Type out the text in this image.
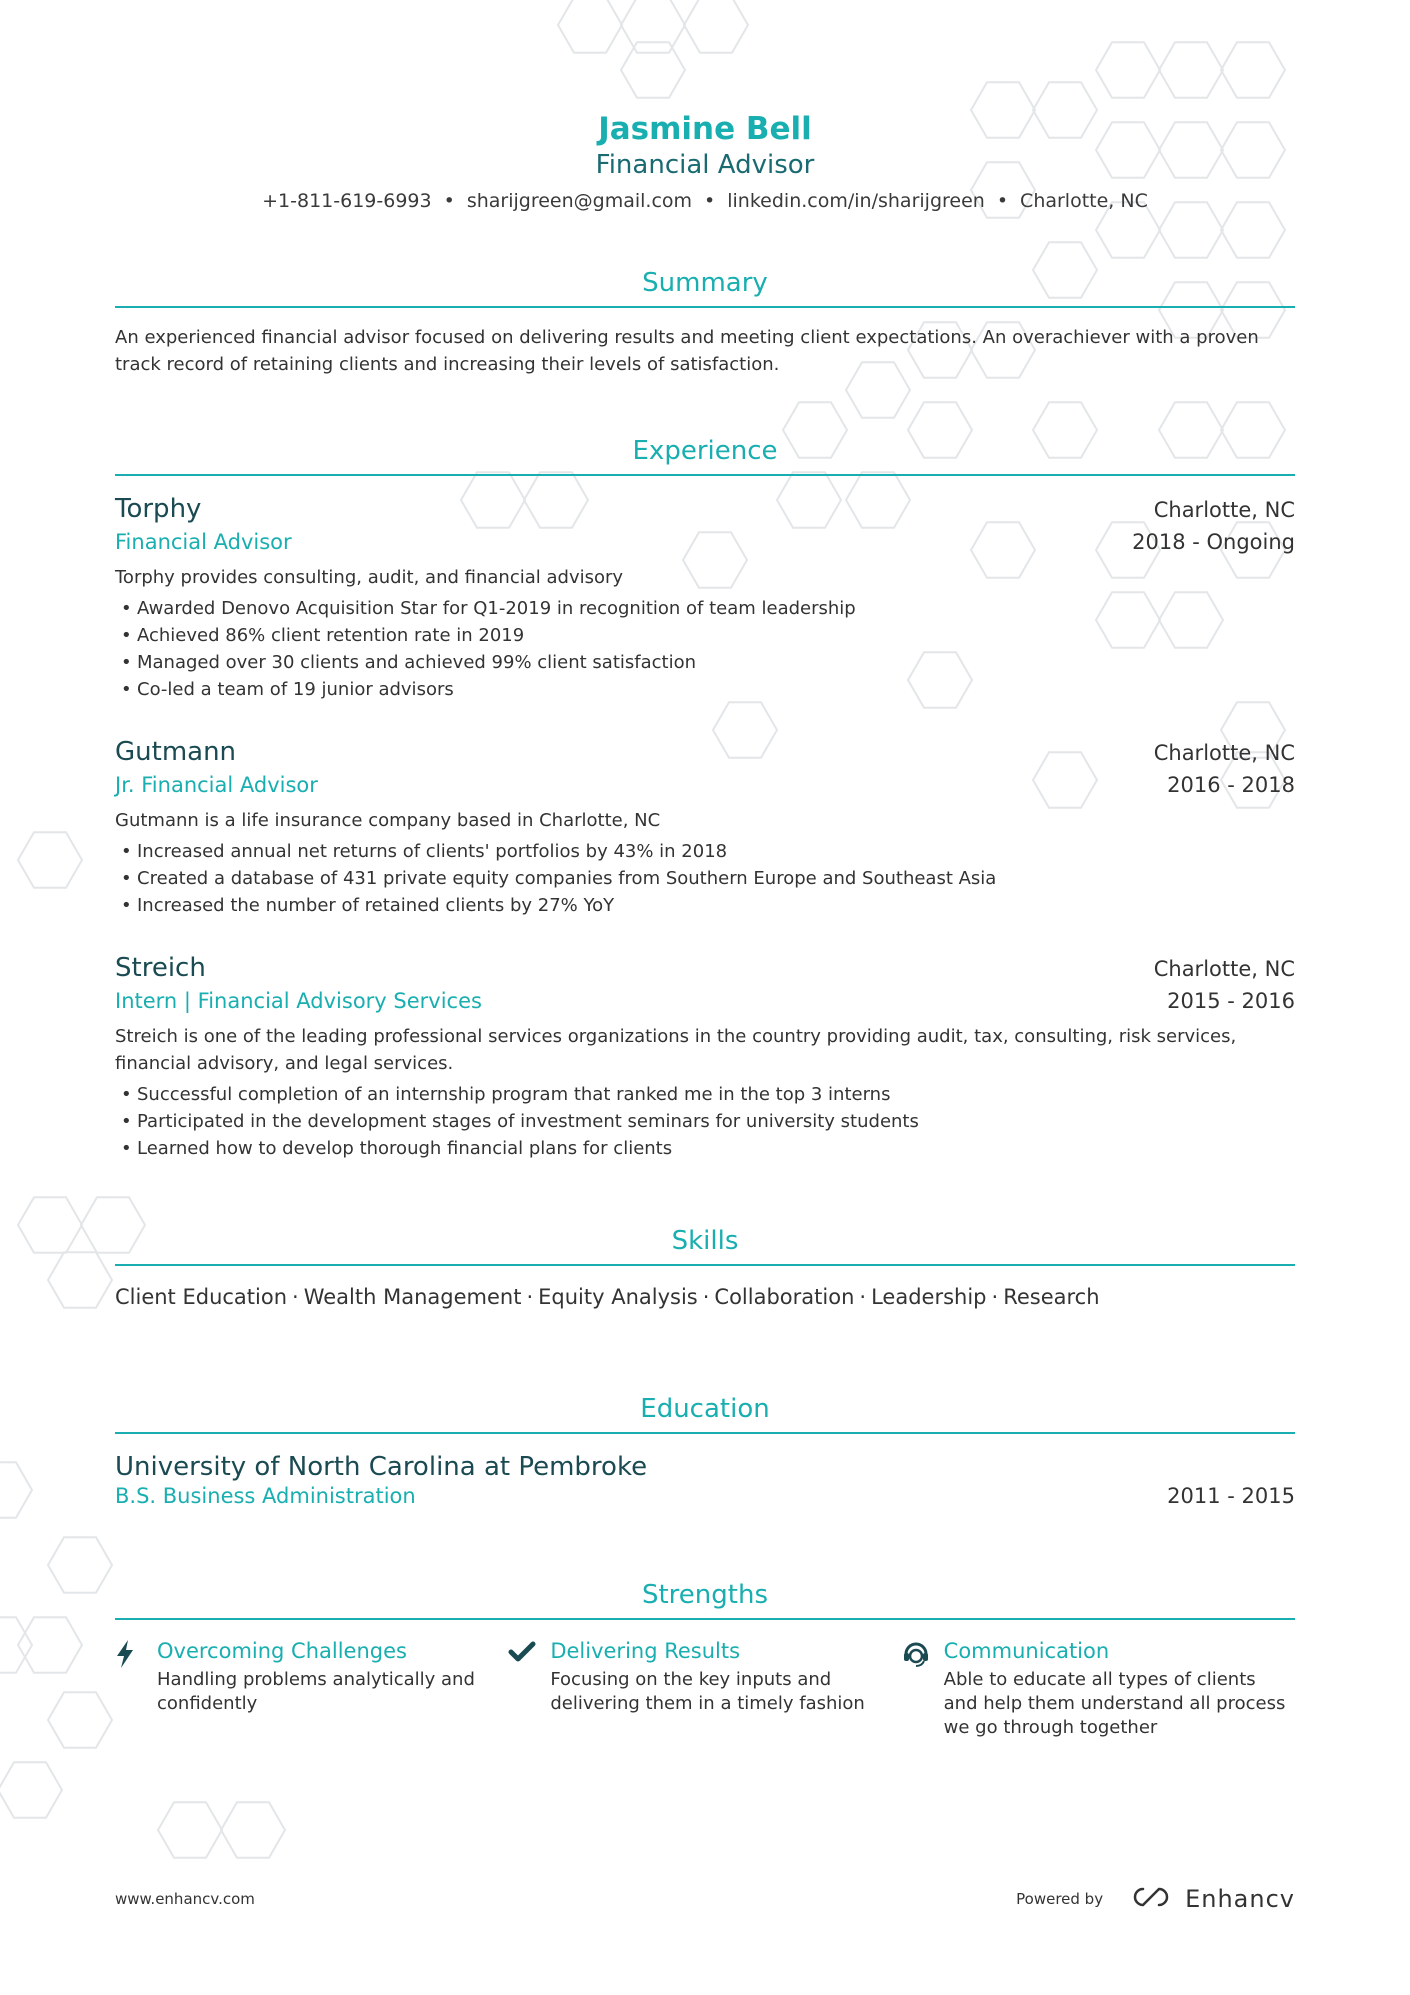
Jasmine Bell
Financial Advisor
+1-811-619-6993 • sharijgreen@gmail.com • linkedin.com/in/sharijgreen • Charlotte, NC
Summary
An experienced financial advisor focused on delivering results and meeting client expectations. An overachiever with a proven track record of retaining clients and increasing their levels of satisfaction.
Experience
Torphy	Charlotte, NC
Financial Advisor	2018 - Ongoing
Torphy provides consulting, audit, and financial advisory
• Awarded Denovo Acquisition Star for Q1-2019 in recognition of team leadership
• Achieved 86% client retention rate in 2019
• Managed over 30 clients and achieved 99% client satisfaction
• Co-led a team of 19 junior advisors
Gutmann	Charlotte, NC
Jr. Financial Advisor	2016 - 2018
Gutmann is a life insurance company based in Charlotte, NC
• Increased annual net returns of clients' portfolios by 43% in 2018
• Created a database of 431 private equity companies from Southern Europe and Southeast Asia
• Increased the number of retained clients by 27% YoY
Streich	Charlotte, NC
Intern | Financial Advisory Services	2015 - 2016
Streich is one of the leading professional services organizations in the country providing audit, tax, consulting, risk services, financial advisory, and legal services.
• Successful completion of an internship program that ranked me in the top 3 interns
• Participated in the development stages of investment seminars for university students
• Learned how to develop thorough financial plans for clients
Skills
Client Education · Wealth Management · Equity Analysis · Collaboration · Leadership · Research
Education
University of North Carolina at Pembroke
B.S. Business Administration	2011 - 2015
Strengths
Overcoming Challenges
Handling problems analytically and confidently
Delivering Results
Focusing on the key inputs and delivering them in a timely fashion
Communication
Able to educate all types of clients and help them understand all process we go through together
www.enhancv.com	Powered by	Enhancv
